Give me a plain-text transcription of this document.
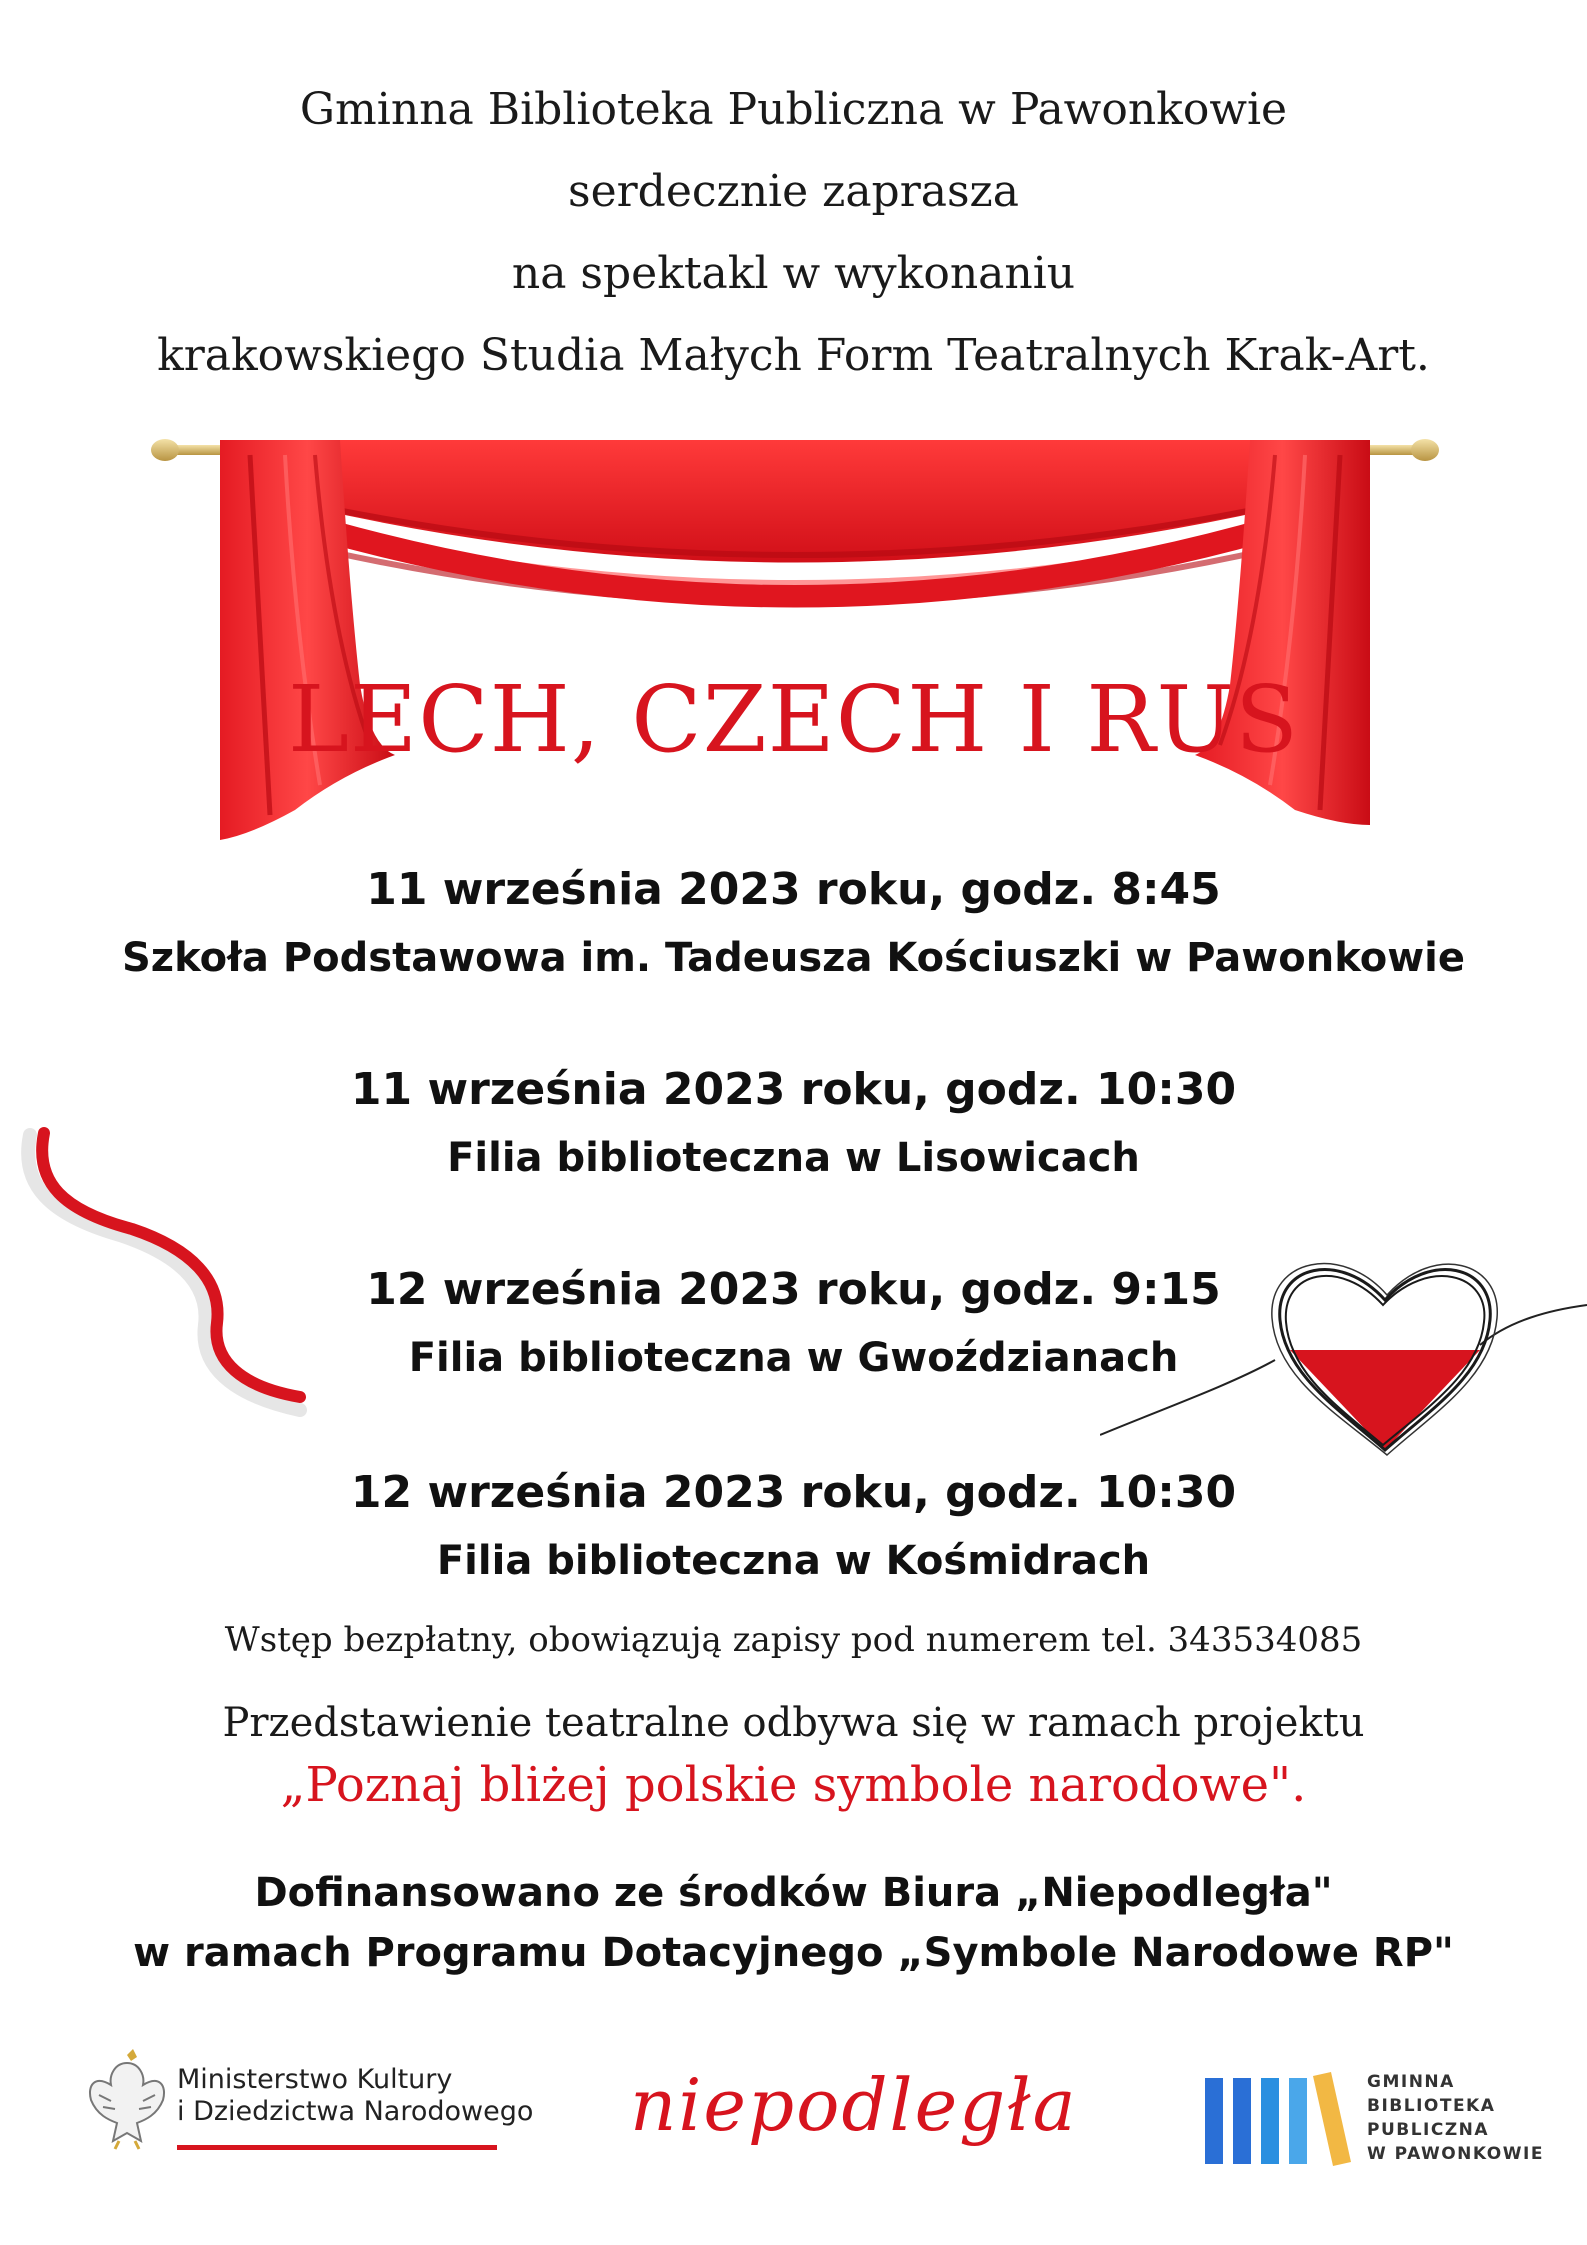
Gminna Biblioteka Publiczna w Pawonkowie
serdecznie zaprasza
na spektakl w wykonaniu
krakowskiego Studia Małych Form Teatralnych Krak-Art.
LECH, CZECH I RUS
11 września 2023 roku, godz. 8:45
Szkoła Podstawowa im. Tadeusza Kościuszki w Pawonkowie
11 września 2023 roku, godz. 10:30
Filia biblioteczna w Lisowicach
12 września 2023 roku, godz. 9:15
Filia biblioteczna w Gwoździanach
12 września 2023 roku, godz. 10:30
Filia biblioteczna w Kośmidrach
Wstęp bezpłatny, obowiązują zapisy pod numerem tel. 343534085
Przedstawienie teatralne odbywa się w ramach projektu
„Poznaj bliżej polskie symbole narodowe".
Dofinansowano ze środków Biura „Niepodległa"
w ramach Programu Dotacyjnego „Symbole Narodowe RP"
Ministerstwo Kultury
i Dziedzictwa Narodowego niepodległa	GMINNA
BIBLIOTEKA
PUBLICZNA
W PAWONKOWIE
